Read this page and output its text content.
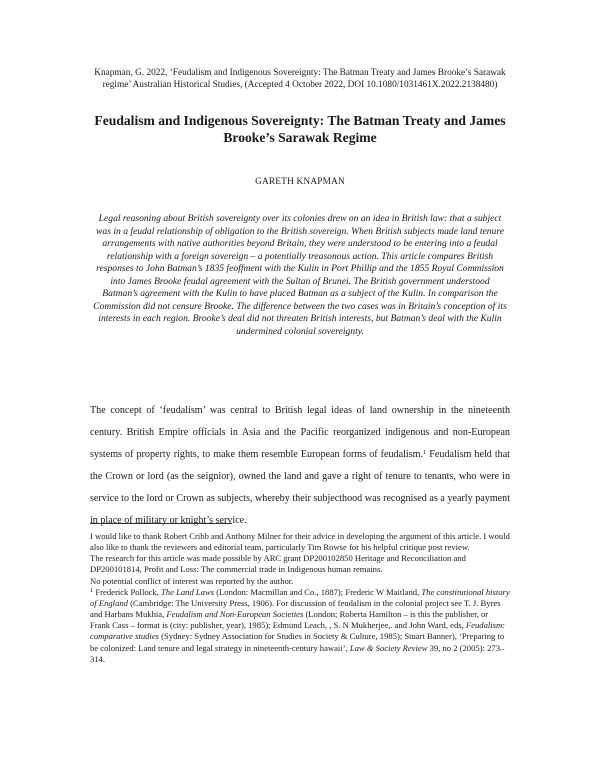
Knapman, G. 2022, ‘Feudalism and Indigenous Sovereignty: The Batman Treaty and James Brooke’s Sarawak regime’ Australian Historical Studies, (Accepted 4 October 2022, DOI 10.1080/1031461X.2022.2138480)
Feudalism and Indigenous Sovereignty: The Batman Treaty and James Brooke’s Sarawak Regime
GARETH KNAPMAN
Legal reasoning about British sovereignty over its colonies drew on an idea in British law: that a subject was in a feudal relationship of obligation to the British sovereign. When British subjects made land tenure arrangements with native authorities beyond Britain, they were understood to be entering into a feudal relationship with a foreign sovereign – a potentially treasonous action. This article compares British responses to John Batman’s 1835 feoffment with the Kulin in Port Phillip and the 1855 Royal Commission into James Brooke feudal agreement with the Sultan of Brunei. The British government understood Batman’s agreement with the Kulin to have placed Batman as a subject of the Kulin. In comparison the Commission did not censure Brooke. The difference between the two cases was in Britain’s conception of its interests in each region. Brooke’s deal did not threaten British interests, but Batman’s deal with the Kulin undermined colonial sovereignty.
The concept of ‘feudalism’ was central to British legal ideas of land ownership in the nineteenth century. British Empire officials in Asia and the Pacific reorganized indigenous and non-European systems of property rights, to make them resemble European forms of feudalism.$^1$ Feudalism held that the Crown or lord (as the seignior), owned the land and gave a right of tenure to tenants, who were in service to the lord or Crown as subjects, whereby their subjecthood was recognised as a yearly payment in place of military or knight’s service.

I would like to thank Robert Cribb and Anthony Milner for their advice in developing the argument of this article. I would also like to thank the reviewers and editorial team, particularly Tim Rowse for his helpful critique post review.

The research for this article was made possible by ARC grant DP200102850 Heritage and Reconciliation and DP200101814, Profit and Loss: The commercial trade in Indigenous human remains.

No potential conflict of interest was reported by the author.

$^1$ Frederick Pollock, The Land Laws (London: Macmillan and Co., 1887); Frederic W Maitland, The constitutional history of England (Cambridge: The University Press, 1906). For discussion of feudalism in the colonial project see T. J. Byres and Harbans Mukhia, Feudalism and Non-European Societies (London; Roberta Hamilton – is this the publisher, or Frank Cass – format is (city: publisher, year), 1985); Edmund Leach, , S. N Mukherjee,. and John Ward, eds, Feudalism: comparative studies (Sydney: Sydney Association for Studies in Society & Culture, 1985); Stuart Banner), ‘Preparing to be colonized: Land tenure and legal strategy in nineteenth-century hawaii’, Law & Society Review 39, no 2 (2005): 273–314.
